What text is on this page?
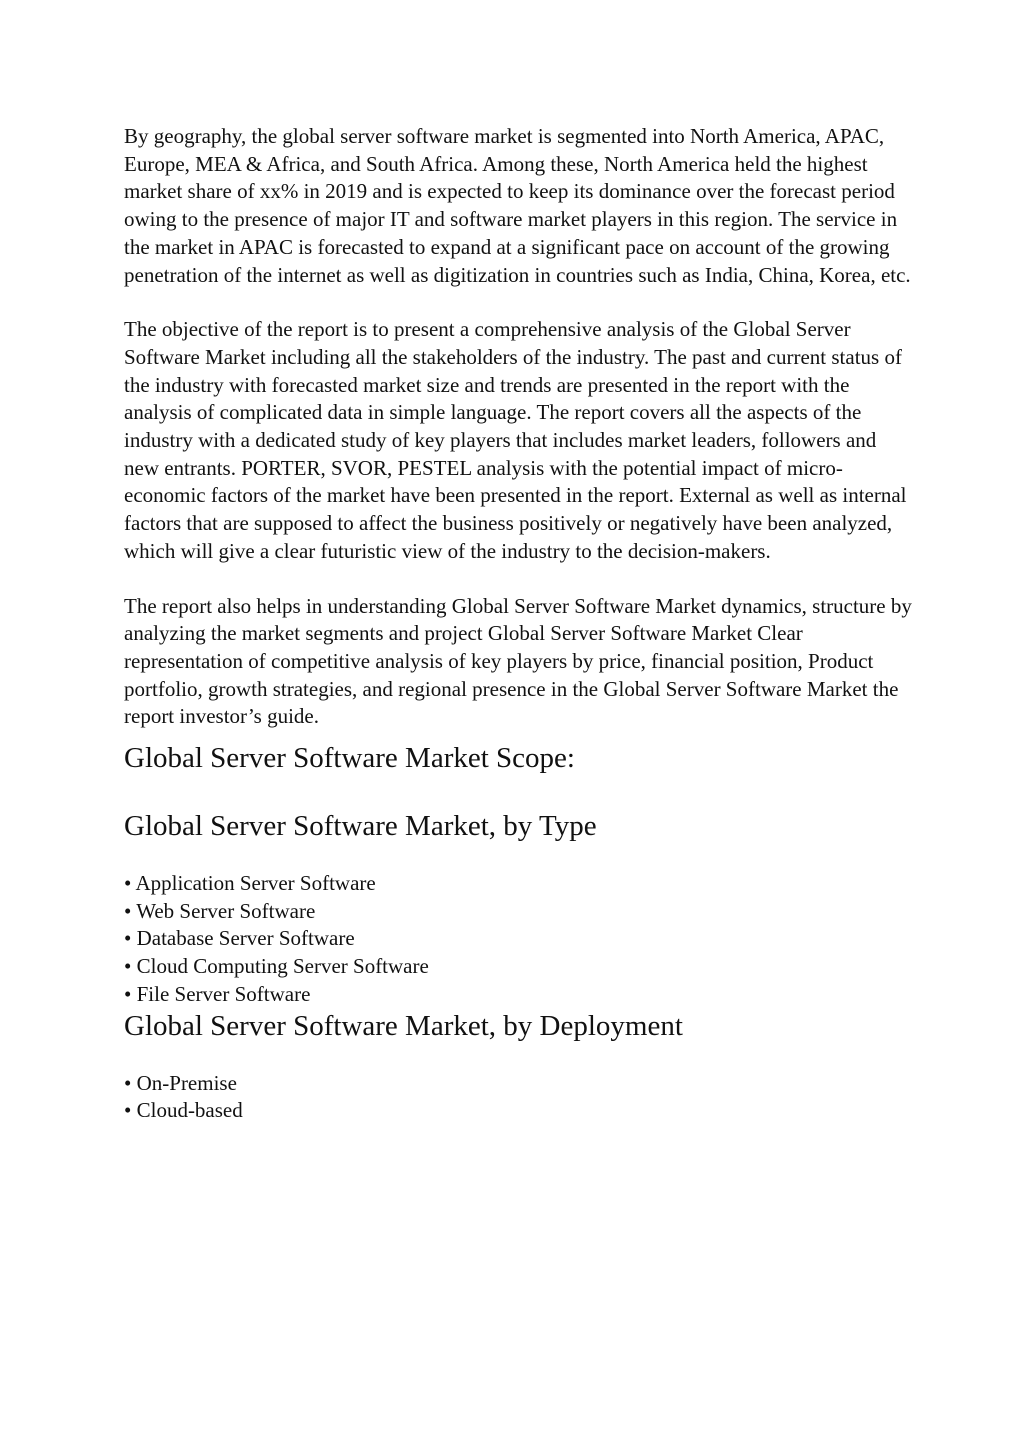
By geography, the global server software market is segmented into North America, APAC, Europe, MEA & Africa, and South Africa. Among these, North America held the highest market share of xx% in 2019 and is expected to keep its dominance over the forecast period owing to the presence of major IT and software market players in this region. The service in the market in APAC is forecasted to expand at a significant pace on account of the growing penetration of the internet as well as digitization in countries such as India, China, Korea, etc.

The objective of the report is to present a comprehensive analysis of the Global Server Software Market including all the stakeholders of the industry. The past and current status of the industry with forecasted market size and trends are presented in the report with the analysis of complicated data in simple language. The report covers all the aspects of the industry with a dedicated study of key players that includes market leaders, followers and new entrants. PORTER, SVOR, PESTEL analysis with the potential impact of micro-economic factors of the market have been presented in the report. External as well as internal factors that are supposed to affect the business positively or negatively have been analyzed, which will give a clear futuristic view of the industry to the decision-makers.

The report also helps in understanding Global Server Software Market dynamics, structure by analyzing the market segments and project Global Server Software Market Clear representation of competitive analysis of key players by price, financial position, Product portfolio, growth strategies, and regional presence in the Global Server Software Market the report investor’s guide.

Global Server Software Market Scope:
Global Server Software Market, by Type
• Application Server Software
• Web Server Software
• Database Server Software
• Cloud Computing Server Software
• File Server Software
Global Server Software Market, by Deployment
• On-Premise
• Cloud-based
